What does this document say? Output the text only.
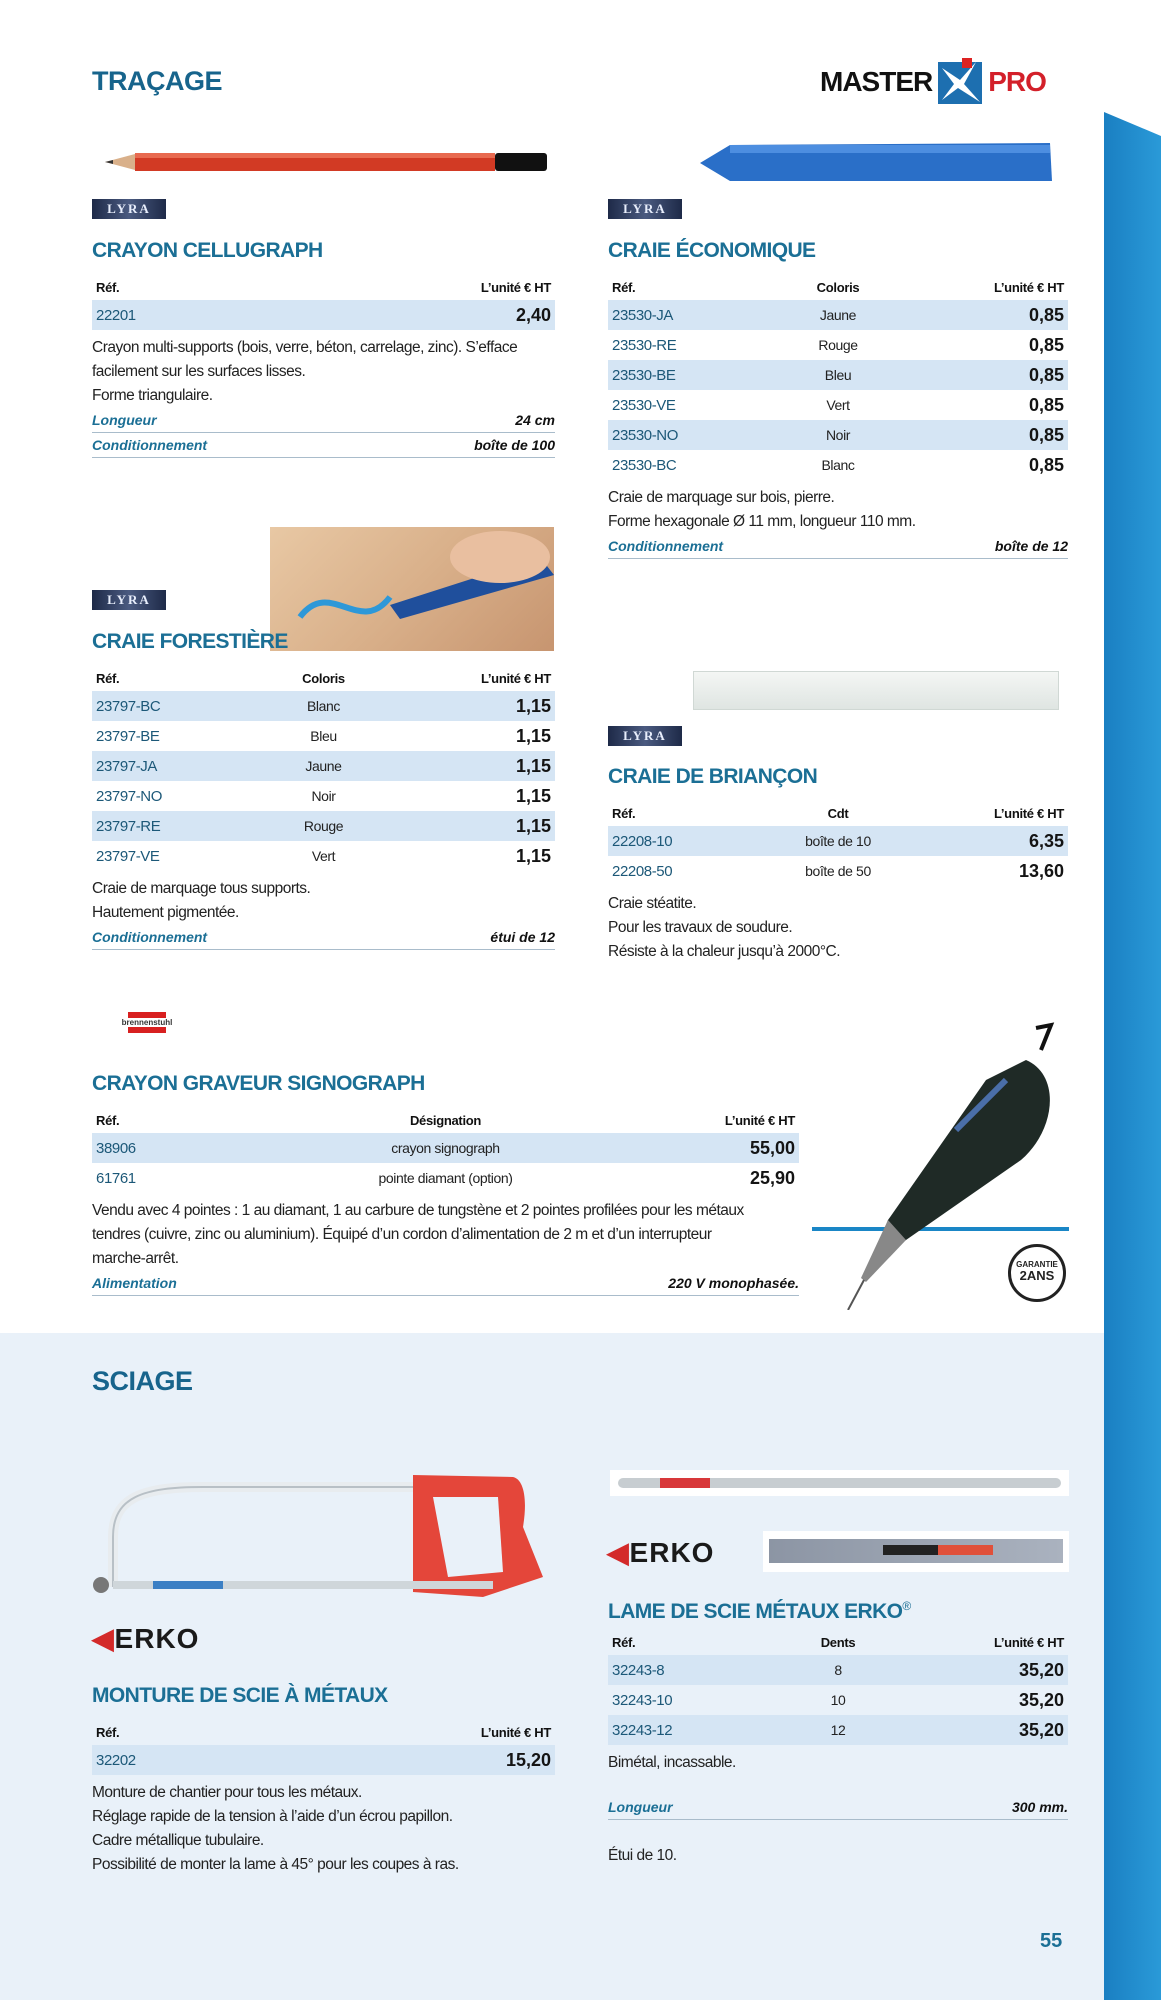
TRAÇAGE	MASTER PRO
LYRA	LYRA
LYRA
LYRA
CRAYON CELLUGRAPH
Réf.	L’unité € HT
22201	2,40
Crayon multi-supports (bois, verre, béton, carrelage, zinc). S’efface
facilement sur les surfaces lisses.
Forme triangulaire.
Longueur	24 cm
Conditionnement	boîte de 100
CRAIE ÉCONOMIQUE
Réf.	Coloris	L’unité € HT
23530-JA	Jaune	0,85
23530-RE	Rouge	0,85
23530-BE	Bleu	0,85
23530-VE	Vert	0,85
23530-NO	Noir	0,85
23530-BC	Blanc	0,85
Craie de marquage sur bois, pierre.
Forme hexagonale Ø 11 mm, longueur 110 mm.
Conditionnement	boîte de 12
CRAIE FORESTIÈRE
Réf.	Coloris	L’unité € HT
23797-BC	Blanc	1,15
23797-BE	Bleu	1,15
23797-JA	Jaune	1,15
23797-NO	Noir	1,15
23797-RE	Rouge	1,15
23797-VE	Vert	1,15
Craie de marquage tous supports.
Hautement pigmentée.
Conditionnement	étui de 12
CRAIE DE BRIANÇON
Réf.	Cdt	L’unité € HT
22208-10	boîte de 10	6,35
22208-50	boîte de 50	13,60
Craie stéatite.
Pour les travaux de soudure.
Résiste à la chaleur jusqu’à 2000°C.
brennenstuhl
CRAYON GRAVEUR SIGNOGRAPH
Réf.	Désignation	L’unité € HT
38906	crayon signograph	55,00
61761	pointe diamant (option)	25,90
Vendu avec 4 pointes : 1 au diamant, 1 au carbure de tungstène et 2 pointes profilées pour les métaux
tendres (cuivre, zinc ou aluminium). Équipé d’un cordon d’alimentation de 2 m et d’un interrupteur
marche-arrêt.
Alimentation	220 V monophasée.
GARANTIE
2ANS
SCIAGE
◀ERKO
MONTURE DE SCIE À MÉTAUX
Réf.	L’unité € HT
32202	15,20
Monture de chantier pour tous les métaux.
Réglage rapide de la tension à l’aide d’un écrou papillon.
Cadre métallique tubulaire.
Possibilité de monter la lame à 45° pour les coupes à ras.
◀ERKO
LAME DE SCIE MÉTAUX ERKO®
Réf.	Dents	L’unité € HT
32243-8	8	35,20
32243-10	10	35,20
32243-12	12	35,20
Bimétal, incassable.
Longueur	300 mm.
Étui de 10.
55
